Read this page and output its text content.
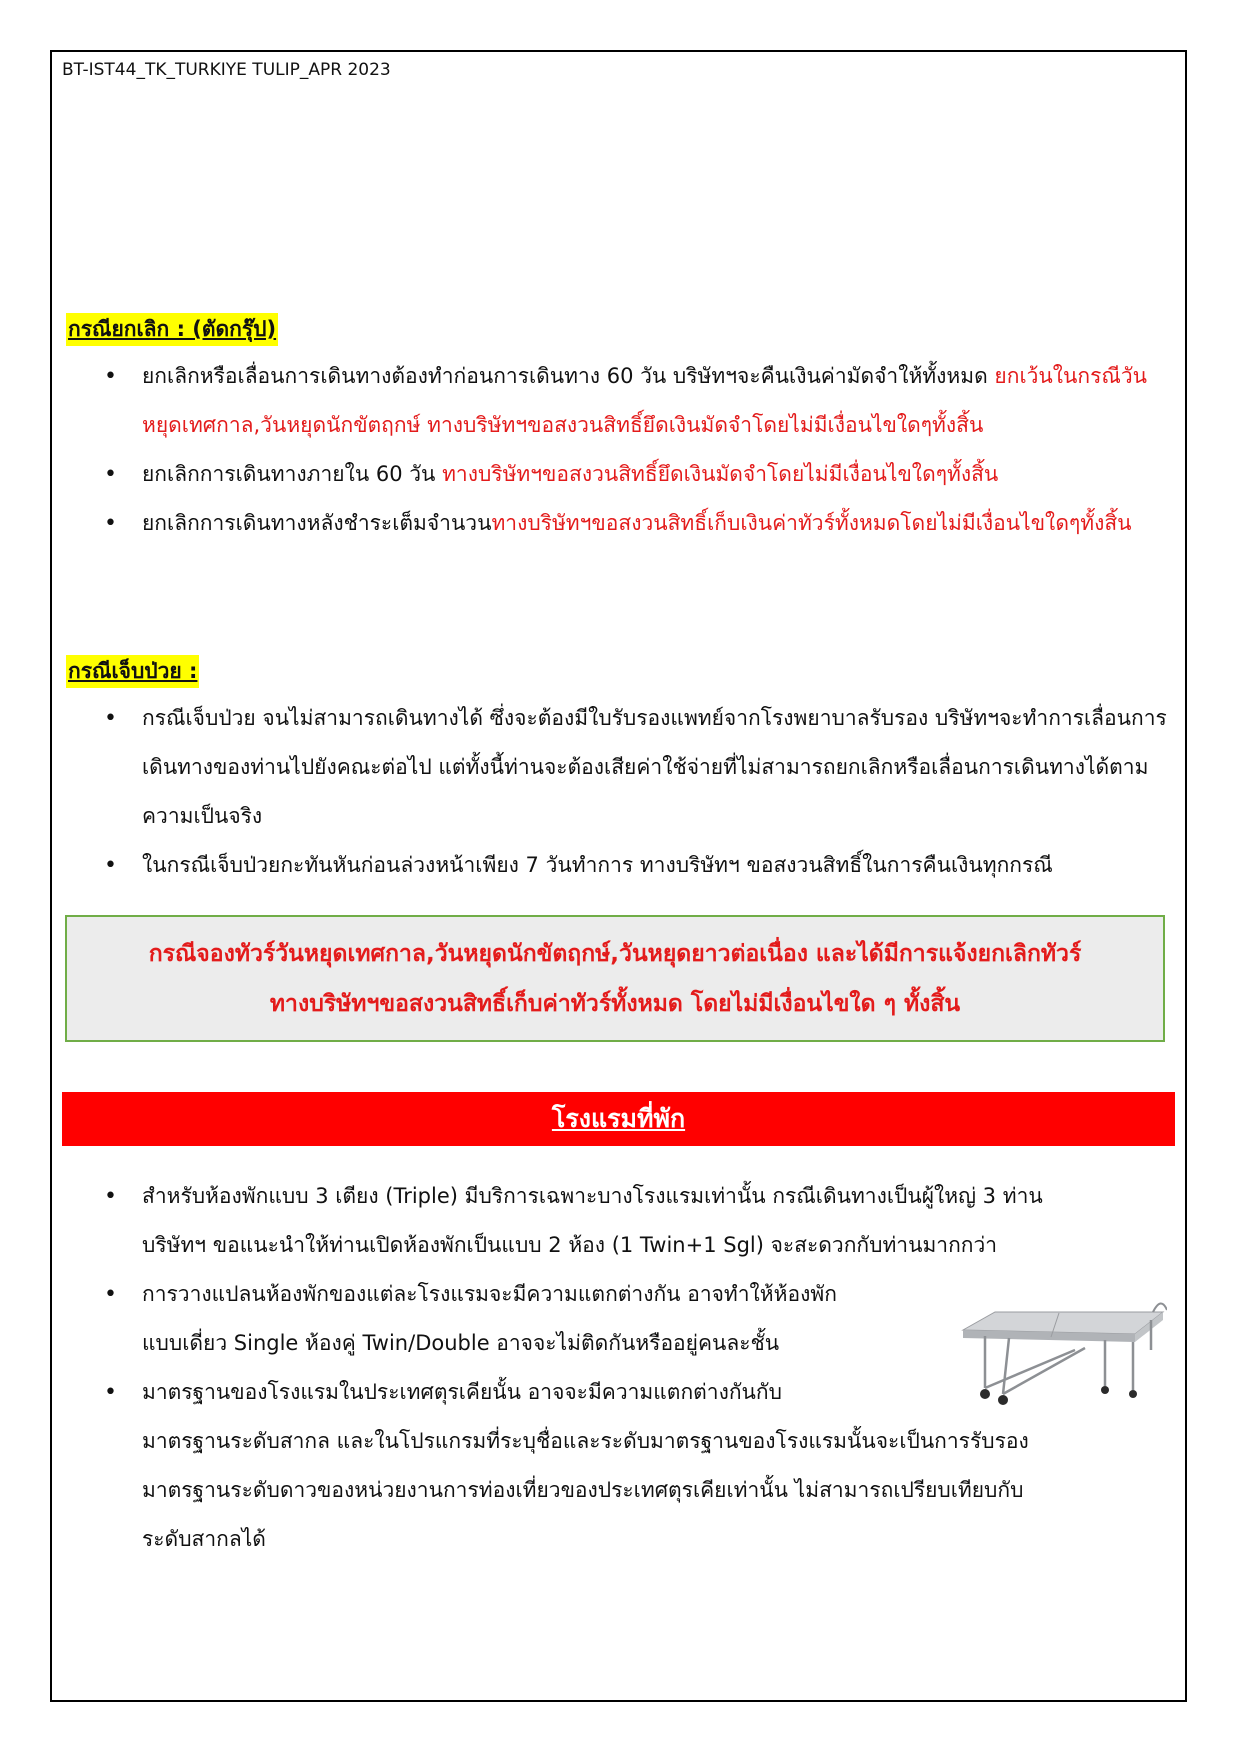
BT-IST44_TK_TURKIYE TULIP_APR 2023
กรณียกเลิก : (ตัดกรุ๊ป)
• ยกเลิกหรือเลื่อนการเดินทางต้องทำก่อนการเดินทาง 60 วัน บริษัทฯจะคืนเงินค่ามัดจำให้ทั้งหมด ยกเว้นในกรณีวันหยุดเทศกาล,วันหยุดนักขัตฤกษ์ ทางบริษัทฯขอสงวนสิทธิ์ยึดเงินมัดจำโดยไม่มีเงื่อนไขใดๆทั้งสิ้น
• ยกเลิกการเดินทางภายใน 60 วัน ทางบริษัทฯขอสงวนสิทธิ์ยึดเงินมัดจำโดยไม่มีเงื่อนไขใดๆทั้งสิ้น
• ยกเลิกการเดินทางหลังชำระเต็มจำนวนทางบริษัทฯขอสงวนสิทธิ์เก็บเงินค่าทัวร์ทั้งหมดโดยไม่มีเงื่อนไขใดๆทั้งสิ้น
กรณีเจ็บป่วย :
• กรณีเจ็บป่วย จนไม่สามารถเดินทางได้ ซึ่งจะต้องมีใบรับรองแพทย์จากโรงพยาบาลรับรอง บริษัทฯจะทำการเลื่อนการเดินทางของท่านไปยังคณะต่อไป แต่ทั้งนี้ท่านจะต้องเสียค่าใช้จ่ายที่ไม่สามารถยกเลิกหรือเลื่อนการเดินทางได้ตามความเป็นจริง
• ในกรณีเจ็บป่วยกะทันหันก่อนล่วงหน้าเพียง 7 วันทำการ ทางบริษัทฯ ขอสงวนสิทธิ์ในการคืนเงินทุกกรณี
กรณีจองทัวร์วันหยุดเทศกาล,วันหยุดนักขัตฤกษ์,วันหยุดยาวต่อเนื่อง และได้มีการแจ้งยกเลิกทัวร์
ทางบริษัทฯขอสงวนสิทธิ์เก็บค่าทัวร์ทั้งหมด โดยไม่มีเงื่อนไขใด ๆ ทั้งสิ้น
โรงแรมที่พัก
• สำหรับห้องพักแบบ 3 เตียง (Triple) มีบริการเฉพาะบางโรงแรมเท่านั้น กรณีเดินทางเป็นผู้ใหญ่ 3 ท่าน
บริษัทฯ ขอแนะนำให้ท่านเปิดห้องพักเป็นแบบ 2 ห้อง (1 Twin+1 Sgl) จะสะดวกกับท่านมากกว่า
• การวางแปลนห้องพักของแต่ละโรงแรมจะมีความแตกต่างกัน อาจทำให้ห้องพัก
แบบเดี่ยว Single ห้องคู่ Twin/Double อาจจะไม่ติดกันหรืออยู่คนละชั้น
• มาตรฐานของโรงแรมในประเทศตุรเคียนั้น อาจจะมีความแตกต่างกันกับ
มาตรฐานระดับสากล และในโปรแกรมที่ระบุชื่อและระดับมาตรฐานของโรงแรมนั้นจะเป็นการรับรอง
มาตรฐานระดับดาวของหน่วยงานการท่องเที่ยวของประเทศตุรเคียเท่านั้น ไม่สามารถเปรียบเทียบกับ
ระดับสากลได้
